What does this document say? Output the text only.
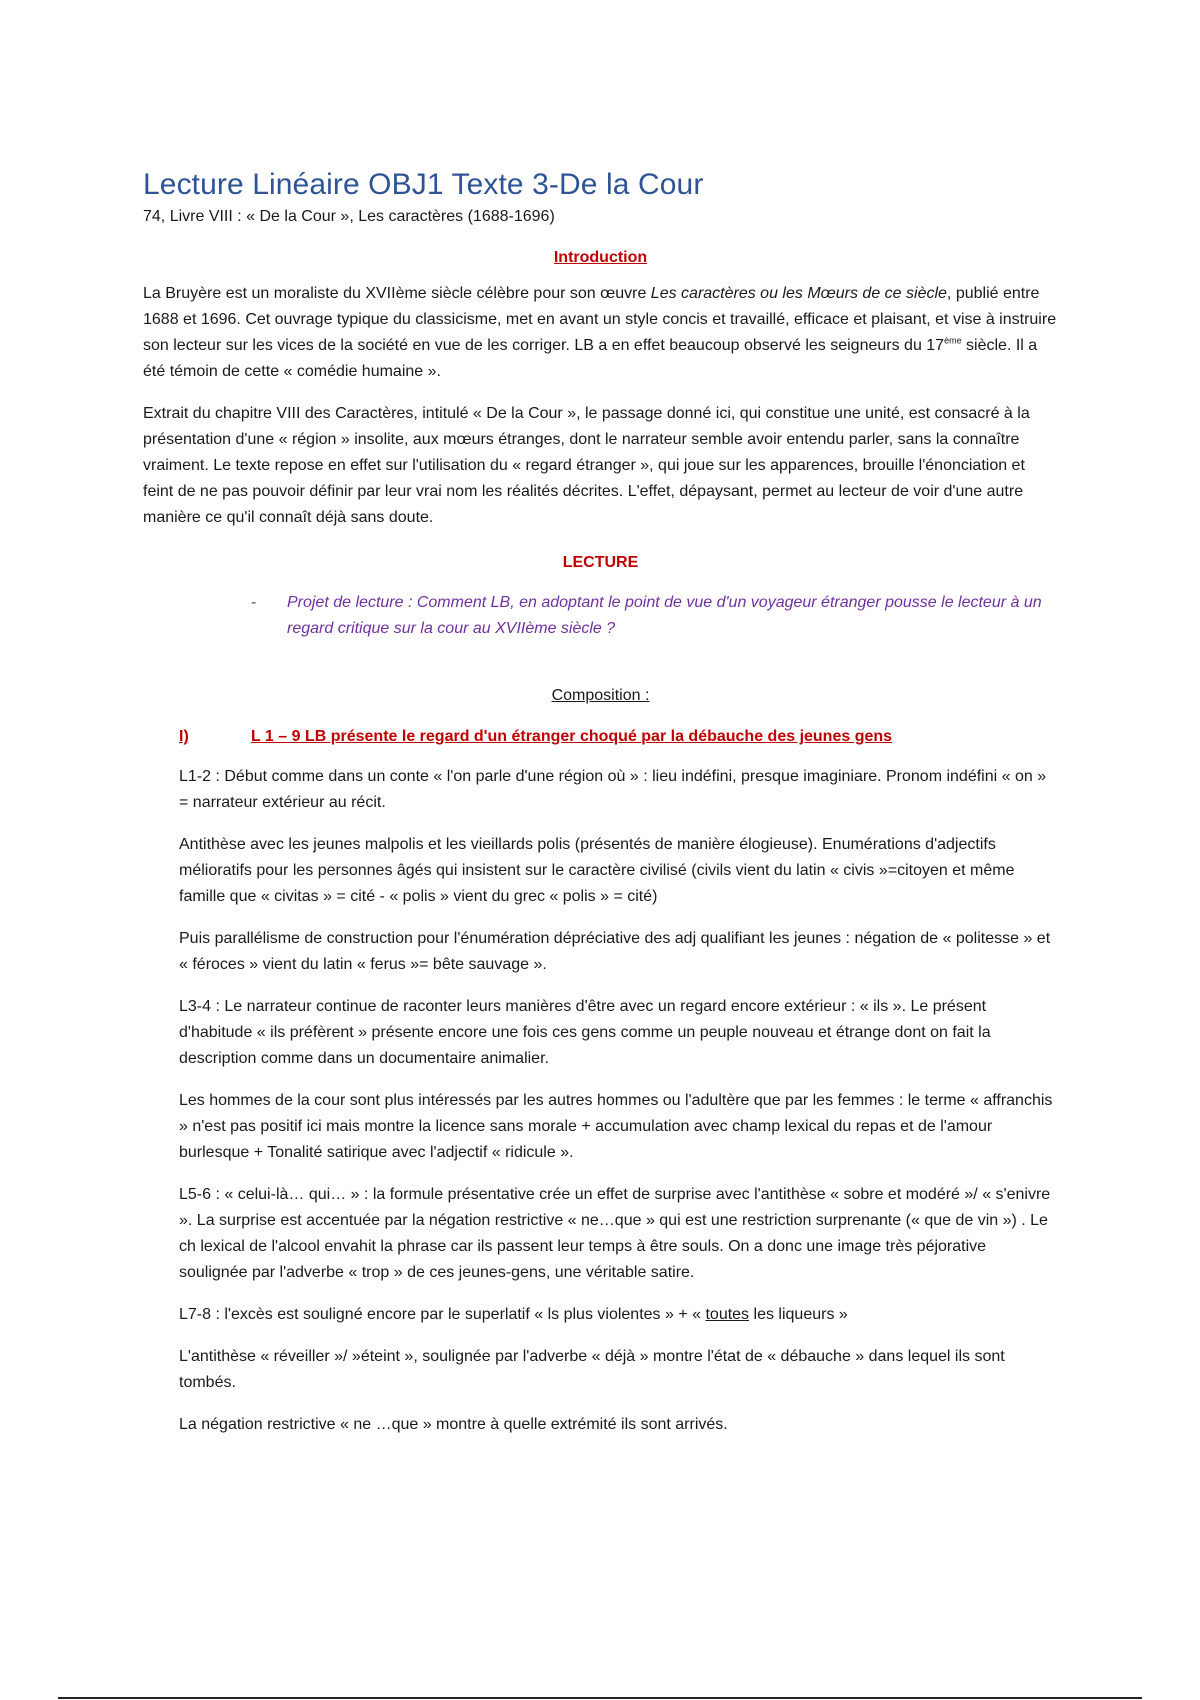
Lecture Linéaire OBJ1 Texte 3-De la Cour
74, Livre VIII : « De la Cour », Les caractères (1688-1696)
Introduction

La Bruyère est un moraliste du XVIIème siècle célèbre pour son œuvre Les caractères ou les Mœurs de ce siècle, publié entre 1688 et 1696. Cet ouvrage typique du classicisme, met en avant un style concis et travaillé, efficace et plaisant, et vise à instruire son lecteur sur les vices de la société en vue de les corriger. LB a en effet beaucoup observé les seigneurs du 17ème siècle. Il a été témoin de cette « comédie humaine ».

Extrait du chapitre VIII des Caractères, intitulé « De la Cour », le passage donné ici, qui constitue une unité, est consacré à la présentation d'une « région » insolite, aux mœurs étranges, dont le narrateur semble avoir entendu parler, sans la connaître vraiment. Le texte repose en effet sur l'utilisation du « regard étranger », qui joue sur les apparences, brouille l'énonciation et feint de ne pas pouvoir définir par leur vrai nom les réalités décrites. L'effet, dépaysant, permet au lecteur de voir d'une autre manière ce qu'il connaît déjà sans doute.

LECTURE
-	Projet de lecture : Comment LB, en adoptant le point de vue d'un voyageur étranger pousse le lecteur à un regard critique sur la cour au XVIIème siècle ?
Composition :
I)	L 1 – 9 LB présente le regard d'un étranger choqué par la débauche des jeunes gens

L1-2 : Début comme dans un conte « l'on parle d'une région où » : lieu indéfini, presque imaginiare. Pronom indéfini « on » = narrateur extérieur au récit.

Antithèse avec les jeunes malpolis et les vieillards polis (présentés de manière élogieuse). Enumérations d'adjectifs mélioratifs pour les personnes âgés qui insistent sur le caractère civilisé (civils vient du latin « civis »=citoyen et même famille que « civitas » = cité - « polis » vient du grec « polis » = cité)

Puis parallélisme de construction pour l'énumération dépréciative des adj qualifiant les jeunes : négation de « politesse » et « féroces » vient du latin « ferus »= bête sauvage ».

L3-4 : Le narrateur continue de raconter leurs manières d'être avec un regard encore extérieur : « ils ». Le présent d'habitude « ils préfèrent » présente encore une fois ces gens comme un peuple nouveau et étrange dont on fait la description comme dans un documentaire animalier.

Les hommes de la cour sont plus intéressés par les autres hommes ou l'adultère que par les femmes : le terme « affranchis » n'est pas positif ici mais montre la licence sans morale + accumulation avec champ lexical du repas et de l'amour burlesque + Tonalité satirique avec l'adjectif « ridicule ».

L5-6 : « celui-là… qui… » : la formule présentative crée un effet de surprise avec l'antithèse « sobre et modéré »/ « s'enivre ». La surprise est accentuée par la négation restrictive « ne…que » qui est une restriction surprenante (« que de vin ») . Le ch lexical de l'alcool envahit la phrase car ils passent leur temps à être souls. On a donc une image très péjorative soulignée par l'adverbe « trop » de ces jeunes-gens, une véritable satire.

L7-8 : l'excès est souligné encore par le superlatif « ls plus violentes » + « toutes les liqueurs »

L'antithèse « réveiller »/ »éteint », soulignée par l'adverbe « déjà » montre l'état de « débauche » dans lequel ils sont tombés.

La négation restrictive « ne …que » montre à quelle extrémité ils sont arrivés.
